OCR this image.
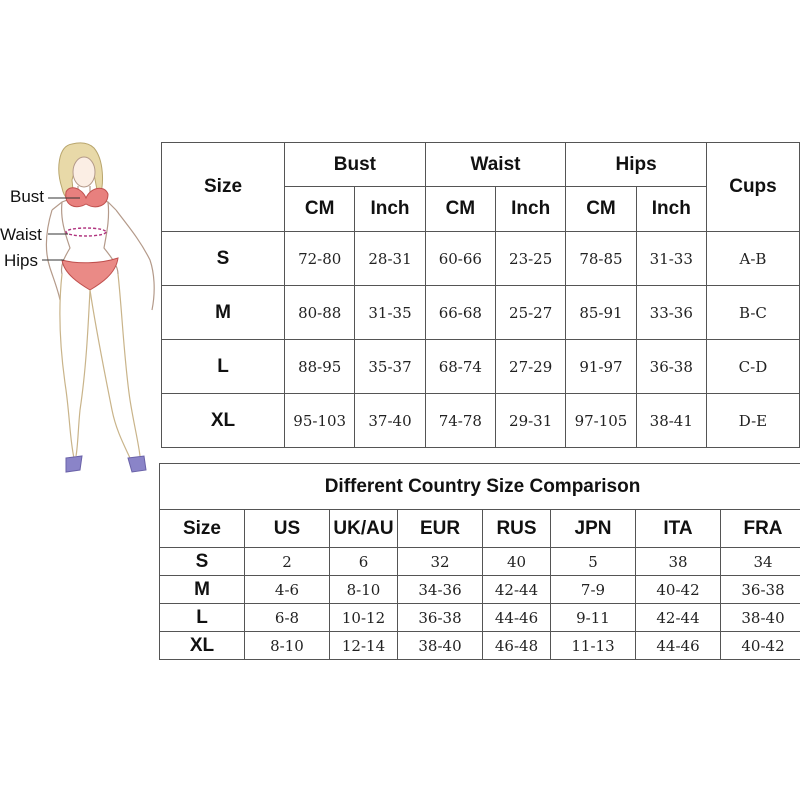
Bust
Waist
Hips
Size	Bust		Waist		Hips		Cups
	CM	Inch	CM	Inch	CM	Inch	
S	72-80	28-31	60-66	23-25	78-85	31-33	A-B
M	80-88	31-35	66-68	25-27	85-91	33-36	B-C
L	88-95	35-37	68-74	27-29	91-97	36-38	C-D
XL	95-103	37-40	74-78	29-31	97-105	38-41	D-E
Different Country Size Comparison							
Size	US	UK/AU	EUR	RUS	JPN	ITA	FRA
S	2	6	32	40	5	38	34
M	4-6	8-10	34-36	42-44	7-9	40-42	36-38
L	6-8	10-12	36-38	44-46	9-11	42-44	38-40
XL	8-10	12-14	38-40	46-48	11-13	44-46	40-42
